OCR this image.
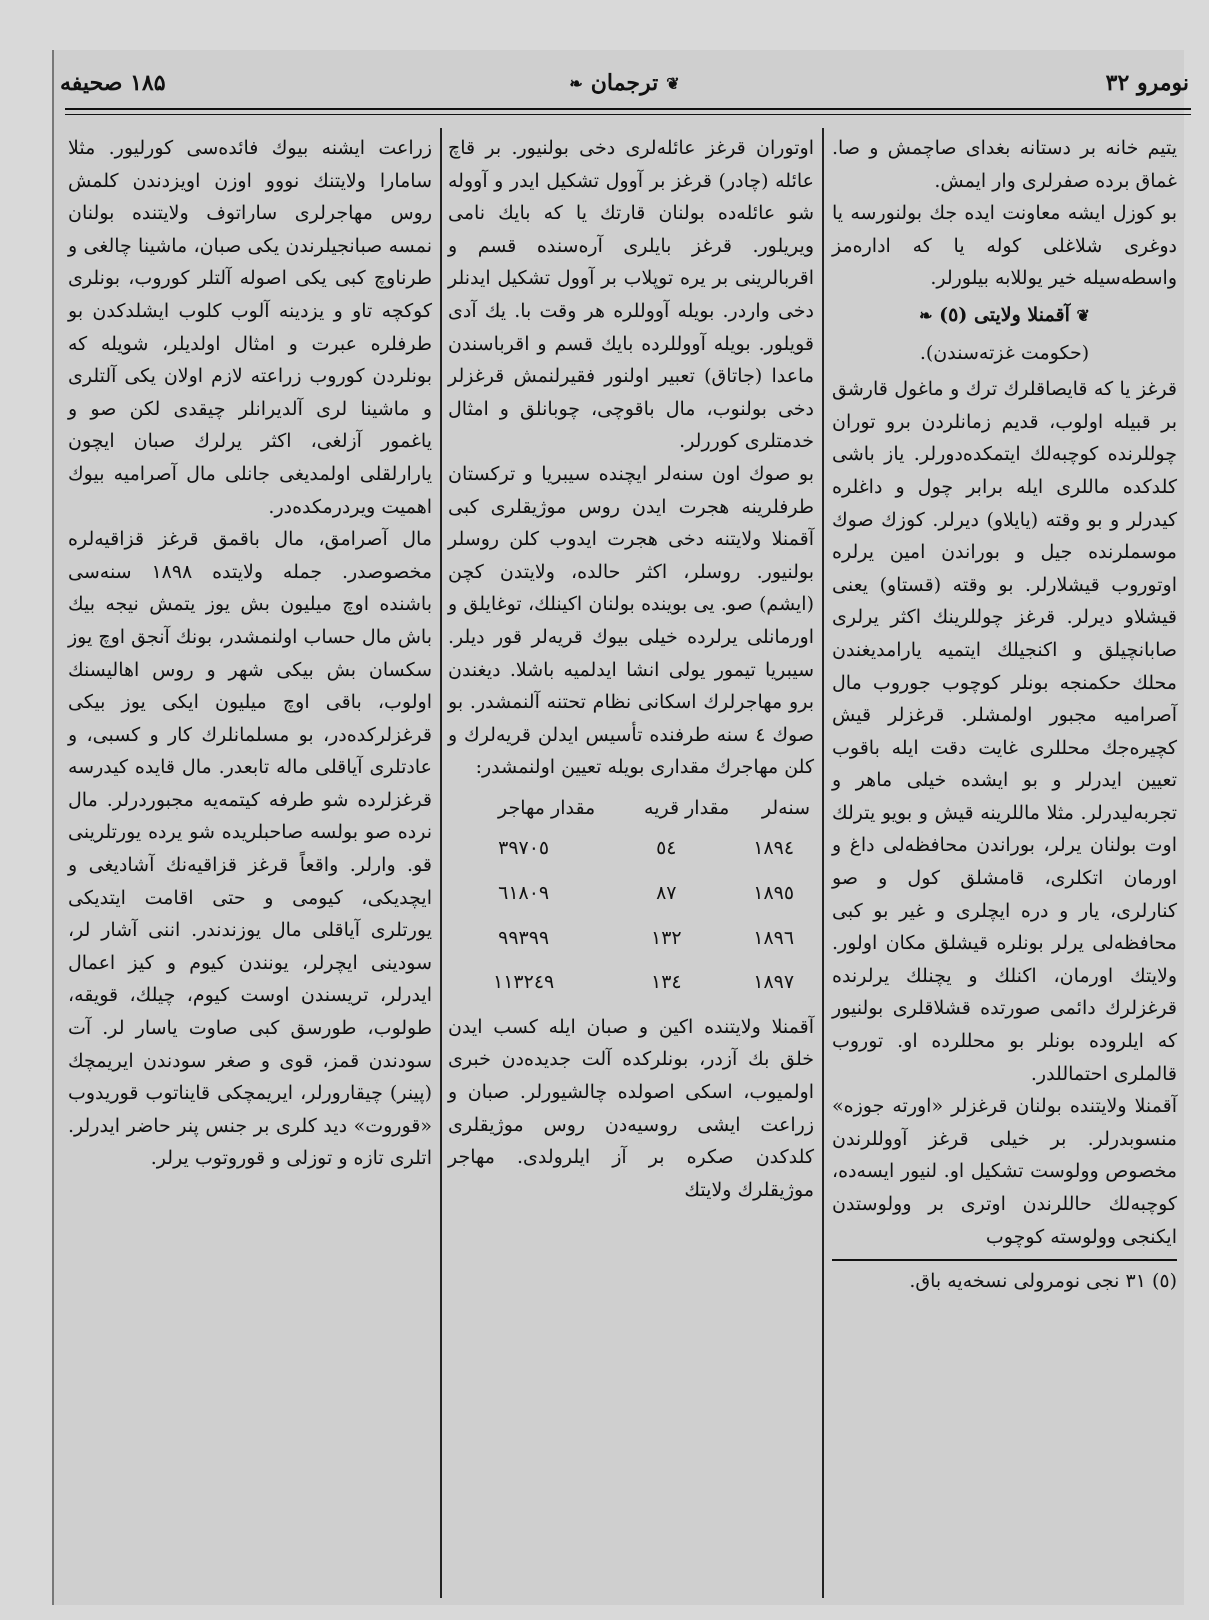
نومرو ۳۲
❦
ترجمان
❧
۱۸۵ صحیفه

یتیم خانه بر دستانه بغدای صاچمش و صا. غماق برده صفرلری وار ایمش.

بو کوزل ایشه معاونت ایده جك بولنورسه یا دوغری شلاغلی کوله یا که اداره‌مز واسطه‌سیله خیر یوللابه بیلورلر.

❦ آقمنلا ولایتی (٥) ❧
(حکومت غزته‌سندن).

قرغز یا که قایصاقلرك ترك و ماغول قارشق بر قبیله اولوب، قدیم زمانلردن برو توران چوللرنده کوچبه‌لك ایتمکده‌دورلر. یاز باشی کلدکده ماللری ایله برابر چول و داغلره کیدرلر و بو وقته (یایلاو) دیرلر. کوزك صوك موسملرنده جیل و بوراندن امین یرلره اوتوروب قیشلارلر. بو وقته (قستاو) یعنی قیشلاو دیرلر. قرغز چوللرینك اکثر یرلری صابانچیلق و اکنجیلك ایتمیه یارامدیغندن محلك حکمنجه بونلر کوچوب جوروب مال آصرامیه مجبور اولمشلر. قرغزلر قیش کچیره‌جك محللری غایت دقت ایله باقوب تعیین ایدرلر و بو ایشده خیلی ماهر و تجربه‌لیدرلر. مثلا ماللرینه قیش و بویو یترلك اوت بولنان یرلر، بوراندن محافظه‌لی داغ و اورمان اتکلری، قامشلق کول و صو کنارلری، یار و دره ایچلری و غیر بو کبی محافظه‌لی یرلر بونلره قیشلق مکان اولور. ولایتك اورمان، اکنلك و یچنلك یرلرنده قرغزلرك دائمی صورتده قشلاقلری بولنیور که ایلروده بونلر بو محللرده او. توروب قالملری احتماللدر.

آقمنلا ولایتنده بولنان قرغزلر «اورته جوزه» منسوبدرلر. بر خیلی قرغز آووللرندن مخصوص وولوست تشکیل او. لنیور ایسه‌ده، کوچبه‌لك حاللرندن اوتری بر وولوستدن ایکنجی وولوسته کوچوب

(٥) ۳۱ نجی نومرولی نسخه‌یه باق.

اوتوران قرغز عائله‌لری دخی بولنیور. بر قاچ عائله (چادر) قرغز بر آوول تشکیل ایدر و آووله شو عائله‌ده بولنان قارتك یا که بایك نامی ویریلور. قرغز بایلری آره‌سنده قسم و اقربالرینی بر یره توپلاب بر آوول تشکیل ایدنلر دخی واردر. بویله آووللره هر وقت با. یك آدی قویلور. بویله آووللرده بایك قسم و اقرباسندن ماعدا (جاتاق) تعبیر اولنور فقیرلنمش قرغزلر دخی بولنوب، مال باقوچی، چوبانلق و امثال خدمتلری کوررلر.

بو صوك اون سنه‌لر ایچنده سیبریا و ترکستان طرفلرینه هجرت ایدن روس موژیقلری کبی آقمنلا ولایتنه دخی هجرت ایدوب کلن روسلر بولنیور. روسلر، اکثر حالده، ولایتدن کچن (ایشم) صو. یی بوینده بولنان اکینلك، توغایلق و اورمانلی یرلرده خیلی بیوك قریه‌لر قور دیلر. سیبریا تیمور یولی انشا ایدلمیه باشلا. دیغندن برو مهاجرلرك اسکانی نظام تحتنه آلنمشدر. بو صوك ٤ سنه طرفنده تأسیس ایدلن قریه‌لرك و کلن مهاجرك مقداری بویله تعیین اولنمشدر:

سنه‌لر	مقدار قریه	مقدار مهاجر
۱۸۹٤	٥٤	۳۹۷۰٥
۱۸۹٥	۸۷	٦۱۸۰۹
۱۸۹٦	۱۳۲	۹۹۳۹۹
۱۸۹۷	۱۳٤	۱۱۳۲٤۹

آقمنلا ولایتنده اکین و صبان ایله کسب ایدن خلق بك آزدر، بونلرکده آلت جدیده‌دن خبری اولمیوب، اسکی اصولده چالشیورلر. صبان و زراعت ایشی روسیه‌دن روس موژیقلری کلدکدن صکره بر آز ایلرولدی. مهاجر موژیقلرك ولایتك

زراعت ایشنه بیوك فائده‌سی کورلیور. مثلا سامارا ولایتنك نووو اوزن اویزدندن کلمش روس مهاجرلری ساراتوف ولایتنده بولنان نمسه صبانجیلرندن یکی صبان، ماشینا چالغی و طرناوچ کبی یکی اصوله آلتلر کوروب، بونلری کوکچه تاو و یزدینه آلوب کلوب ایشلدکدن بو طرفلره عبرت و امثال اولدیلر، شویله که بونلردن کوروب زراعته لازم اولان یکی آلتلری و ماشینا لری آلدیرانلر چیقدی لکن صو و یاغمور آزلغی، اکثر یرلرك صبان ایچون یارارلقلی اولمدیغی جانلی مال آصرامیه بیوك اهمیت ویردرمکده‌در.

مال آصرامق، مال باقمق قرغز قزاقیه‌لره مخصوصدر. جمله ولایتده ۱۸۹۸ سنه‌سی باشنده اوچ میلیون بش یوز یتمش نیجه بیك باش مال حساب اولنمشدر، بونك آنجق اوچ یوز سکسان بش بیکی شهر و روس اهالیسنك اولوب، باقی اوچ میلیون ایکی یوز بیکی قرغزلرکده‌در، بو مسلمانلرك کار و کسبی، و عادتلری آیاقلی ماله تابعدر. مال قایده کیدرسه قرغزلرده شو طرفه کیتمه‌یه مجبوردرلر. مال نرده صو بولسه صاحبلریده شو یرده یورتلرینی قو. وارلر. واقعاً قرغز قزاقیه‌نك آشادیغی و ایچدیکی، کیومی و حتی اقامت ایتدیکی یورتلری آیاقلی مال یوزندندر. اننی آشار لر، سودینی ایچرلر، یونندن کیوم و کیز اعمال ایدرلر، تریسندن اوست کیوم، چیلك، قویقه، طولوب، طورسق کبی صاوت یاسار لر. آت سودندن قمز، قوی و صغر سودندن ایریمچك (پینر) چیقارورلر، ایریمچکی قایناتوب قوریدوب «قوروت» دید کلری بر جنس پنر حاضر ایدرلر. اتلری تازه و توزلی و قوروتوب یرلر.
